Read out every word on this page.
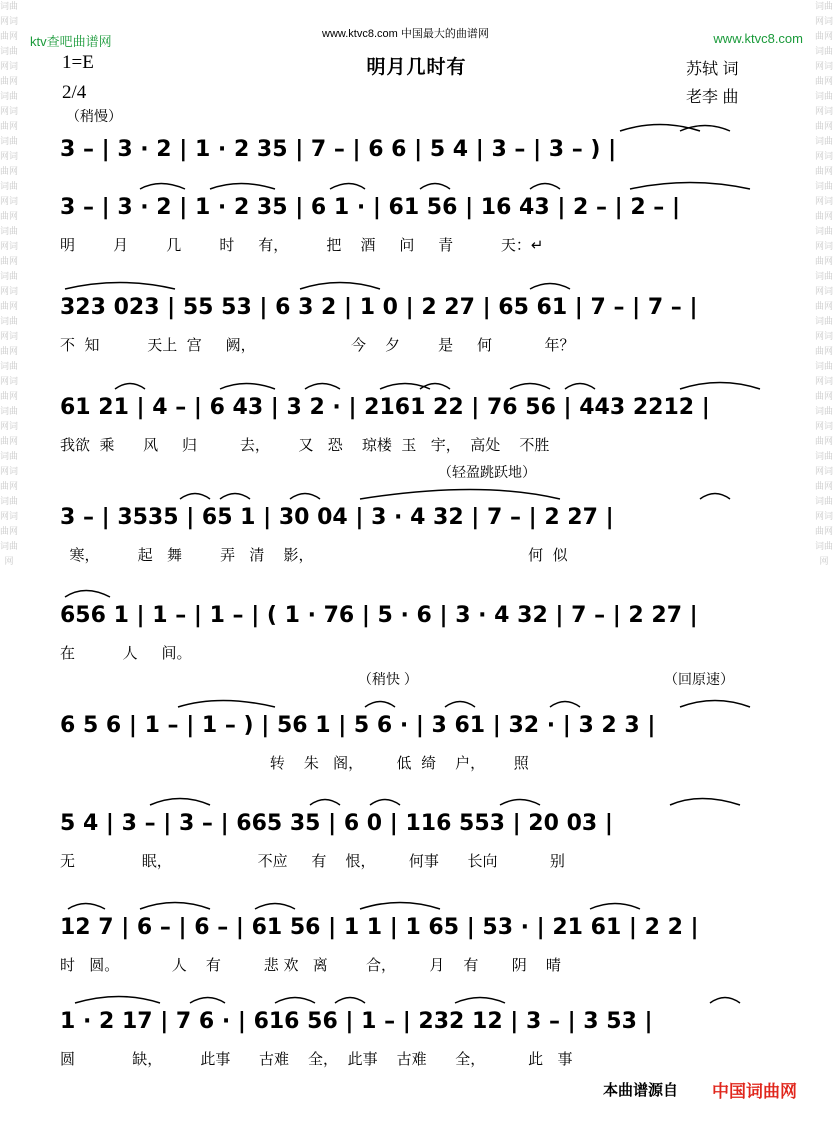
词曲网词曲网词曲网词曲网词曲网词曲网词曲网词曲网词曲网词曲网词曲网词曲网词曲网词曲网词曲网词曲网词曲网词曲网词曲网词曲网词曲网词曲网词曲网词曲网词曲网
词曲网词曲网词曲网词曲网词曲网词曲网词曲网词曲网词曲网词曲网词曲网词曲网词曲网词曲网词曲网词曲网词曲网词曲网词曲网词曲网词曲网词曲网词曲网词曲网词曲网
ktv查吧曲谱网	www.ktvc8.com 中国最大的曲谱网	www.ktvc8.com
1=E
2/4
明月几时有	苏轼 词
老李 曲
（稍慢）
（轻盈跳跃地）
（稍快 ）	（回原速）
3 – | 3 · 2 | 1 · 2 35 | 7 – | 6 6 | 5 4 | 3 – | 3 – ) |
3 – | 3 · 2 | 1 · 2 35 | 6 1 · | 61 56 | 16 43 | 2 – | 2 – |
明        月        几        时     有，        把    酒     问     青          天：↵
323 023 | 55 53 | 6 3 2 | 1 0 | 2 27 | 65 61 | 7 – | 7 – |
不  知          天上  宫     阙，                    今    夕        是     何           年？
61 21 | 4 – | 6 43 | 3 2 · | 2161 22 | 76 56 | 443 2212 |
我欲  乘      风     归         去，      又   恐    琼楼  玉   宇，  高处    不胜
3 – | 3535 | 65 1 | 30 04 | 3 · 4 32 | 7 – | 2 27 |
寒，        起   舞        弄   清    影，                                             何  似
656 1 | 1 – | 1 – | ( 1 · 76 | 5 · 6 | 3 · 4 32 | 7 – | 2 27 |
在          人     间。
6 5 6 | 1 – | 1 – ) | 56 1 | 5 6 · | 3 61 | 32 · | 3 2 3 |
转    朱   阁，       低  绮    户，      照
5 4 | 3 – | 3 – | 665 35 | 6 0 | 116 553 | 20 03 |
无              眠，                  不应     有    恨，       何事      长向           别
12 7 | 6 – | 6 – | 61 56 | 1 1 | 1 65 | 53 · | 21 61 | 2 2 |
时   圆。           人    有         悲 欢   离        合，       月    有       阴    晴
1 · 2 17 | 7 6 · | 616 56 | 1 – | 232 12 | 3 – | 3 53 |
圆            缺，        此事      古难    全，  此事    古难      全，         此   事
本曲谱源自 中国词曲网
